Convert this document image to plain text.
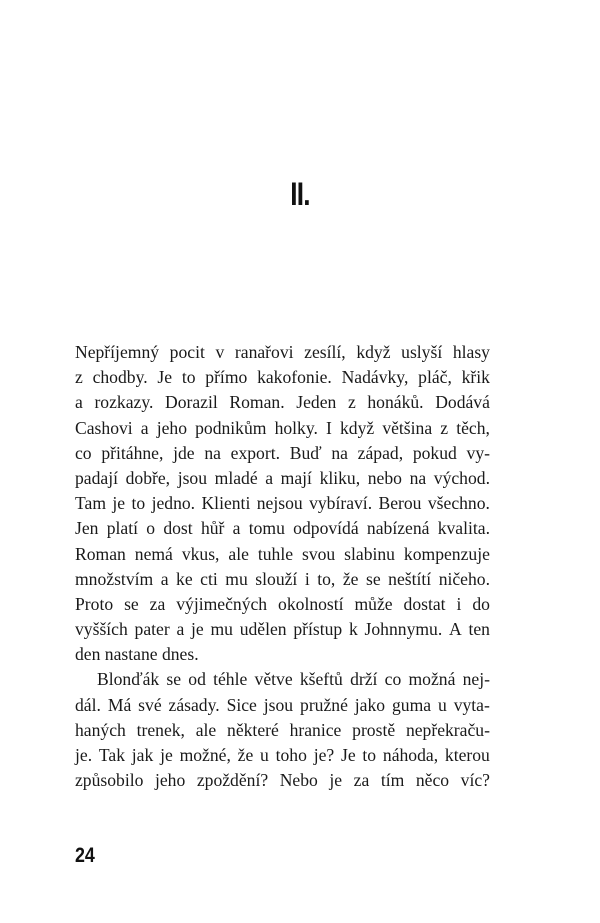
II.
Nepříjemný pocit v ranařovi zesílí, když uslyší hlasy
z chodby. Je to přímo kakofonie. Nadávky, pláč, křik
a rozkazy. Dorazil Roman. Jeden z honáků. Dodává
Cashovi a jeho podnikům holky. I když většina z těch,
co přitáhne, jde na export. Buď na západ, pokud vy-
padají dobře, jsou mladé a mají kliku, nebo na východ.
Tam je to jedno. Klienti nejsou vybíraví. Berou všechno.
Jen platí o dost hůř a tomu odpovídá nabízená kvalita.
Roman nemá vkus, ale tuhle svou slabinu kompenzuje
množstvím a ke cti mu slouží i to, že se neštítí ničeho.
Proto se za výjimečných okolností může dostat i do
vyšších pater a je mu udělen přístup k Johnnymu. A ten
den nastane dnes.
Blonďák se od téhle větve kšeftů drží co možná nej-
dál. Má své zásady. Sice jsou pružné jako guma u vyta-
haných trenek, ale některé hranice prostě nepřekraču-
je. Tak jak je možné, že u toho je? Je to náhoda, kterou
způsobilo jeho zpoždění? Nebo je za tím něco víc?
24
